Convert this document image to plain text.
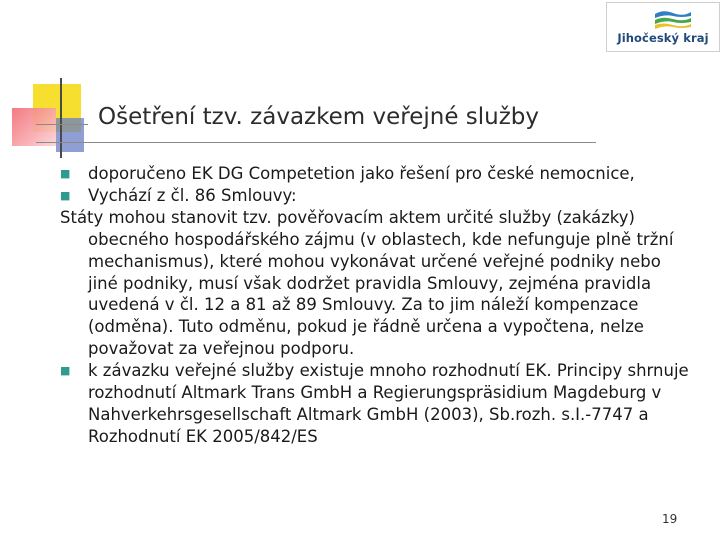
Jihočeský kraj
Ošetření tzv. závazkem veřejné služby
■ doporučeno EK DG Competetion jako řešení pro české nemocnice,
■ Vychází z čl. 86 Smlouvy:
Státy mohou stanovit tzv. pověřovacím aktem určité služby (zakázky) obecného hospodářského zájmu (v oblastech, kde nefunguje plně tržní mechanismus), které mohou vykonávat určené veřejné podniky nebo jiné podniky, musí však dodržet pravidla Smlouvy, zejména pravidla uvedená v čl. 12 a 81 až 89 Smlouvy. Za to jim náleží kompenzace (odměna). Tuto odměnu, pokud je řádně určena a vypočtena, nelze považovat za veřejnou podporu.
■ k závazku veřejné služby existuje mnoho rozhodnutí EK. Principy shrnuje rozhodnutí Altmark Trans GmbH a Regierungspräsidium Magdeburg v Nahverkehrsgesellschaft Altmark GmbH (2003), Sb.rozh. s.I.-7747 a Rozhodnutí EK 2005/842/ES
19
